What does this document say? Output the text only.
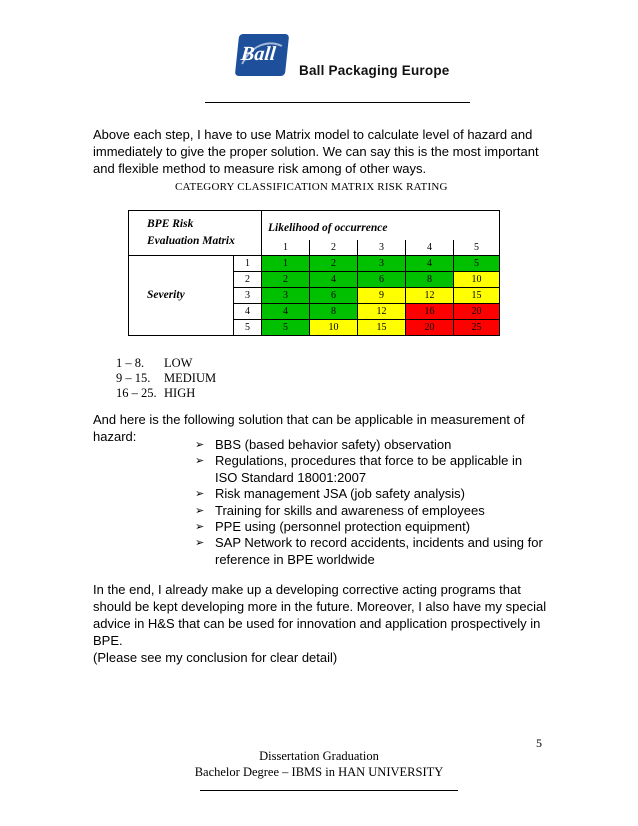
Ball
Ball Packaging Europe

Above each step, I have to use Matrix model to calculate level of hazard and immediately to give the proper solution. We can say this is the most important and flexible method to measure risk among of other ways.

CATEGORY CLASSIFICATION MATRIX RISK RATING
BPE Risk
Evaluation Matrix		Likelihood of occurrence				
		1	2	3	4	5
Severity	1	1	2	3	4	5
	2	2	4	6	8	10
	3	3	6	9	12	15
	4	4	8	12	16	20
	5	5	10	15	20	25
1 – 8. LOW
9 – 15. MEDIUM
16 – 25. HIGH

And here is the following solution that can be applicable in measurement of hazard:

➢ BBS (based behavior safety) observation
➢ Regulations, procedures that force to be applicable in ISO Standard 18001:2007
➢ Risk management JSA (job safety analysis)
➢ Training for skills and awareness of employees
➢ PPE using (personnel protection equipment)
➢ SAP Network to record accidents, incidents and using for reference in BPE worldwide

In the end, I already make up a developing corrective acting programs that should be kept developing more in the future. Moreover, I also have my special advice in H&S that can be used for innovation and application prospectively in BPE.

(Please see my conclusion for clear detail)

5
Dissertation Graduation
Bachelor Degree – IBMS in HAN UNIVERSITY
